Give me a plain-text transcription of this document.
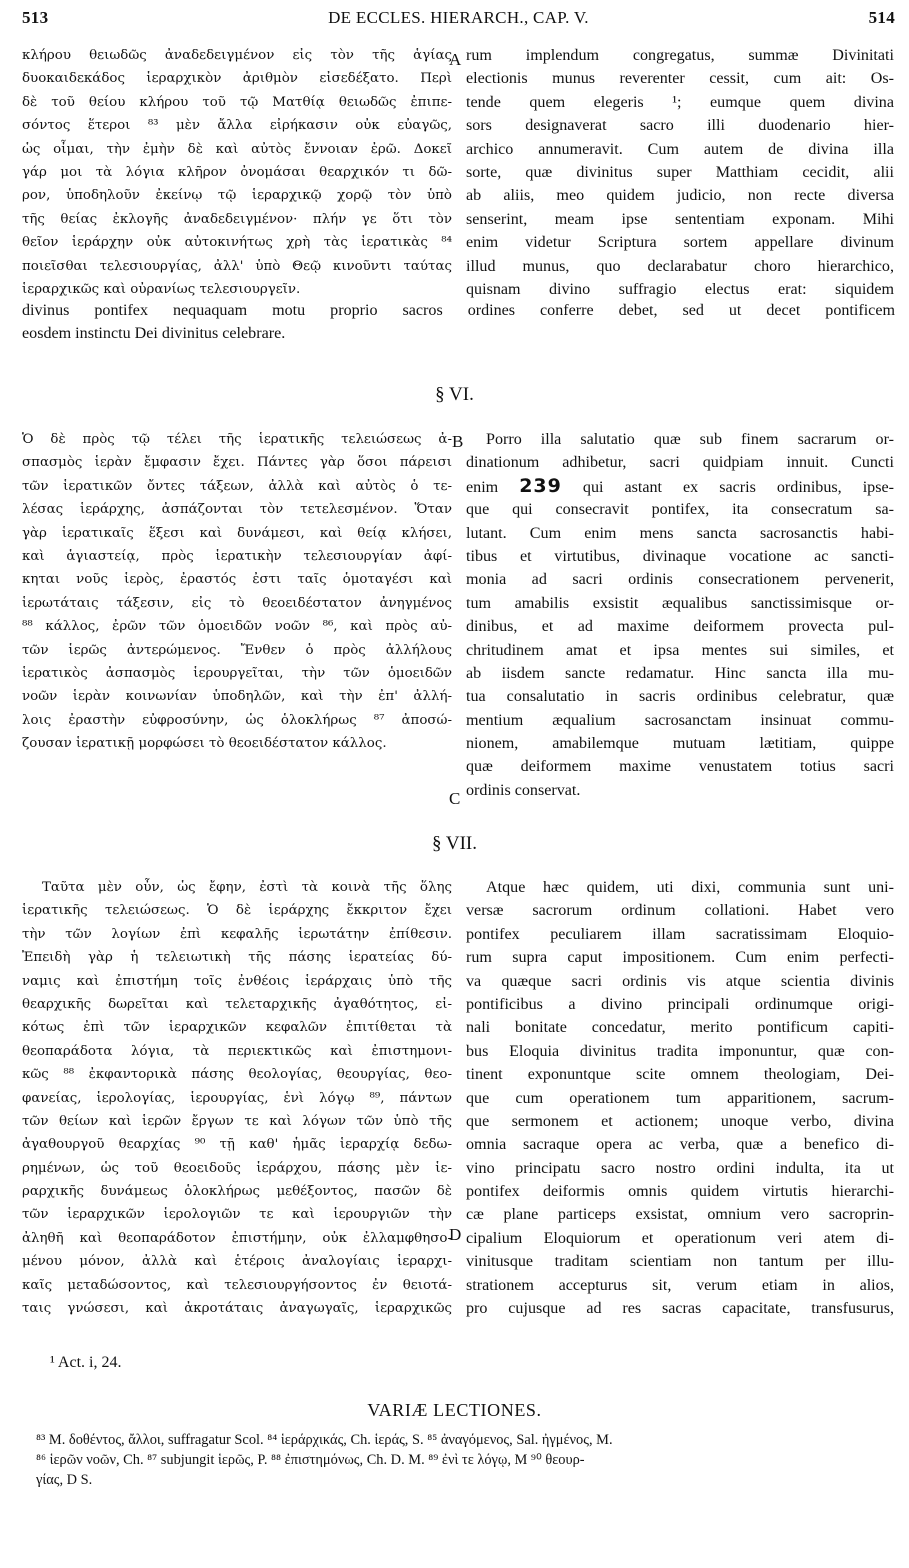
513	DE ECCLES. HIERARCH., CAP. V.	514
κλήρου θειωδῶς ἀναδεδειγμένον εἰς τὸν τῆς ἁγίας
δυοκαιδεκάδος ἱεραρχικὸν ἀριθμὸν εἰσεδέξατο. Περὶ
δὲ τοῦ θείου κλήρου τοῦ τῷ Ματθίᾳ θειωδῶς ἐπιπε-
σόντος ἕτεροι ⁸³ μὲν ἄλλα εἰρήκασιν οὐκ εὐαγῶς,
ὡς οἶμαι, τὴν ἐμὴν δὲ καὶ αὐτὸς ἔννοιαν ἐρῶ. Δοκεῖ
γάρ μοι τὰ λόγια κλῆρον ὀνομάσαι θεαρχικόν τι δῶ-
ρον, ὑποδηλοῦν ἐκείνῳ τῷ ἱεραρχικῷ χορῷ τὸν ὑπὸ
τῆς θείας ἐκλογῆς ἀναδεδειγμένον· πλήν γε ὅτι τὸν
θεῖον ἱεράρχην οὐκ αὐτοκινήτως χρὴ τὰς ἱερατικὰς ⁸⁴
ποιεῖσθαι τελεσιουργίας, ἀλλ' ὑπὸ Θεῷ κινοῦντι ταύτας
ἱεραρχικῶς καὶ οὐρανίως τελεσιουργεῖν.
A rum implendum congregatus, summæ Divinitati
electionis munus reverenter cessit, cum ait: Os-
tende quem elegeris ¹; eumque quem divina
sors designaverat sacro illi duodenario hier-
archico annumeravit. Cum autem de divina illa
sorte, quæ divinitus super Matthiam cecidit, alii
ab aliis, meo quidem judicio, non recte diversa
senserint, meam ipse sententiam exponam. Mihi
enim videtur Scriptura sortem appellare divinum
illud munus, quo declarabatur choro hierarchico,
quisnam divino suffragio electus erat: siquidem
divinus pontifex nequaquam motu proprio sacros ordines conferre debet, sed ut decet pontificem
eosdem instinctu Dei divinitus celebrare.
§ VI.
Ὁ δὲ πρὸς τῷ τέλει τῆς ἱερατικῆς τελειώσεως ἀ-
σπασμὸς ἱερὰν ἔμφασιν ἔχει. Πάντες γὰρ ὅσοι πάρεισι
τῶν ἱερατικῶν ὄντες τάξεων, ἀλλὰ καὶ αὐτὸς ὁ τε-
λέσας ἱεράρχης, ἀσπάζονται τὸν τετελεσμένον. Ὅταν
γὰρ ἱερατικαῖς ἕξεσι καὶ δυνάμεσι, καὶ θείᾳ κλήσει,
καὶ ἁγιαστείᾳ, πρὸς ἱερατικὴν τελεσιουργίαν ἀφί-
κηται νοῦς ἱερὸς, ἐραστός ἐστι ταῖς ὁμοταγέσι καὶ
ἱερωτάταις τάξεσιν, εἰς τὸ θεοειδέστατον ἀνηγμένος
⁸⁸ κάλλος, ἐρῶν τῶν ὁμοειδῶν νοῶν ⁸⁶, καὶ πρὸς αὐ-
τῶν ἱερῶς ἀντερώμενος. Ἔνθεν ὁ πρὸς ἀλλήλους
ἱερατικὸς ἀσπασμὸς ἱερουργεῖται, τὴν τῶν ὁμοειδῶν
νοῶν ἱερὰν κοινωνίαν ὑποδηλῶν, καὶ τὴν ἐπ' ἀλλή-
λοις ἐραστὴν εὐφροσύνην, ὡς ὁλοκλήρως ⁸⁷ ἀποσώ-
ζουσαν ἱερατικῇ μορφώσει τὸ θεοειδέστατον κάλλος.
B	Porro illa salutatio quæ sub finem sacrarum or-
dinationum adhibetur, sacri quidpiam innuit. Cuncti
enim 239 qui astant ex sacris ordinibus, ipse-
que qui consecravit pontifex, ita consecratum sa-
lutant. Cum enim mens sancta sacrosanctis habi-
tibus et virtutibus, divinaque vocatione ac sancti-
monia ad sacri ordinis consecrationem pervenerit,
tum amabilis exsistit æqualibus sanctissimisque or-
dinibus, et ad maxime deiformem provecta pul-
chritudinem amat et ipsa mentes sui similes, et
ab iisdem sancte redamatur. Hinc sancta illa mu-
tua consalutatio in sacris ordinibus celebratur, quæ
mentium æqualium sacrosanctam insinuat commu-
nionem, amabilemque mutuam lætitiam, quippe
quæ deiformem maxime venustatem totius sacri
ordinis conservat.
C
§ VII.
Ταῦτα μὲν οὖν, ὡς ἔφην, ἐστὶ τὰ κοινὰ τῆς ὅλης
ἱερατικῆς τελειώσεως. Ὁ δὲ ἱεράρχης ἔκκριτον ἔχει
τὴν τῶν λογίων ἐπὶ κεφαλῆς ἱερωτάτην ἐπίθεσιν.
Ἐπειδὴ γὰρ ἡ τελειωτικὴ τῆς πάσης ἱερατείας δύ-
ναμις καὶ ἐπιστήμη τοῖς ἐνθέοις ἱεράρχαις ὑπὸ τῆς
θεαρχικῆς δωρεῖται καὶ τελεταρχικῆς ἀγαθότητος, εἰ-
κότως ἐπὶ τῶν ἱεραρχικῶν κεφαλῶν ἐπιτίθεται τὰ
θεοπαράδοτα λόγια, τὰ περιεκτικῶς καὶ ἐπιστημονι-
κῶς ⁸⁸ ἐκφαντορικὰ πάσης θεολογίας, θεουργίας, θεο-
φανείας, ἱερολογίας, ἱερουργίας, ἑνὶ λόγῳ ⁸⁹, πάντων
τῶν θείων καὶ ἱερῶν ἔργων τε καὶ λόγων τῶν ὑπὸ τῆς
ἀγαθουργοῦ θεαρχίας ⁹⁰ τῇ καθ' ἡμᾶς ἱεραρχίᾳ δεδω-
ρημένων, ὡς τοῦ θεοειδοῦς ἱεράρχου, πάσης μὲν ἱε-
ραρχικῆς δυνάμεως ὁλοκλήρως μεθέξοντος, πασῶν δὲ
τῶν ἱεραρχικῶν ἱερολογιῶν τε καὶ ἱερουργιῶν τὴν
ἀληθῆ καὶ θεοπαράδοτον ἐπιστήμην, οὐκ ἐλλαμφθησο-
μένου μόνον, ἀλλὰ καὶ ἑτέροις ἀναλογίαις ἱεραρχι-
καῖς μεταδώσοντος, καὶ τελεσιουργήσοντος ἐν θειοτά-
ταις γνώσεσι, καὶ ἀκροτάταις ἀναγωγαῖς, ἱεραρχικῶς
D
Atque hæc quidem, uti dixi, communia sunt uni-
versæ sacrorum ordinum collationi. Habet vero
pontifex peculiarem illam sacratissimam Eloquio-
rum supra caput impositionem. Cum enim perfecti-
va quæque sacri ordinis vis atque scientia divinis
pontificibus a divino principali ordinumque origi-
nali bonitate concedatur, merito pontificum capiti-
bus Eloquia divinitus tradita imponuntur, quæ con-
tinent exponuntque scite omnem theologiam, Dei-
que cum operationem tum apparitionem, sacrum-
que sermonem et actionem; unoque verbo, divina
omnia sacraque opera ac verba, quæ a benefico di-
vino principatu sacro nostro ordini indulta, ita ut
pontifex deiformis omnis quidem virtutis hierarchi-
cæ plane particeps exsistat, omnium vero sacroprin-
cipalium Eloquiorum et operationum veri atem di-
vinitusque traditam scientiam non tantum per illu-
strationem accepturus sit, verum etiam in alios,
pro cujusque ad res sacras capacitate, transfusurus,
¹ Act. i, 24.
VARIÆ LECTIONES.
⁸³ M. δοθέντος, ἄλλοι, suffragatur Scol. ⁸⁴ ἱεράρχικάς, Ch. ἱεράς, S. ⁸⁵ ἀναγόμενος, Sal. ἠγμένος, M.
⁸⁶ ἱερῶν νοῶν, Ch. ⁸⁷ subjungit ἱερῶς, P. ⁸⁸ ἐπιστημόνως, Ch. D. M. ⁸⁹ ἐνὶ τε λόγῳ, M ⁹⁰ θεουρ-
γίας, D S.
